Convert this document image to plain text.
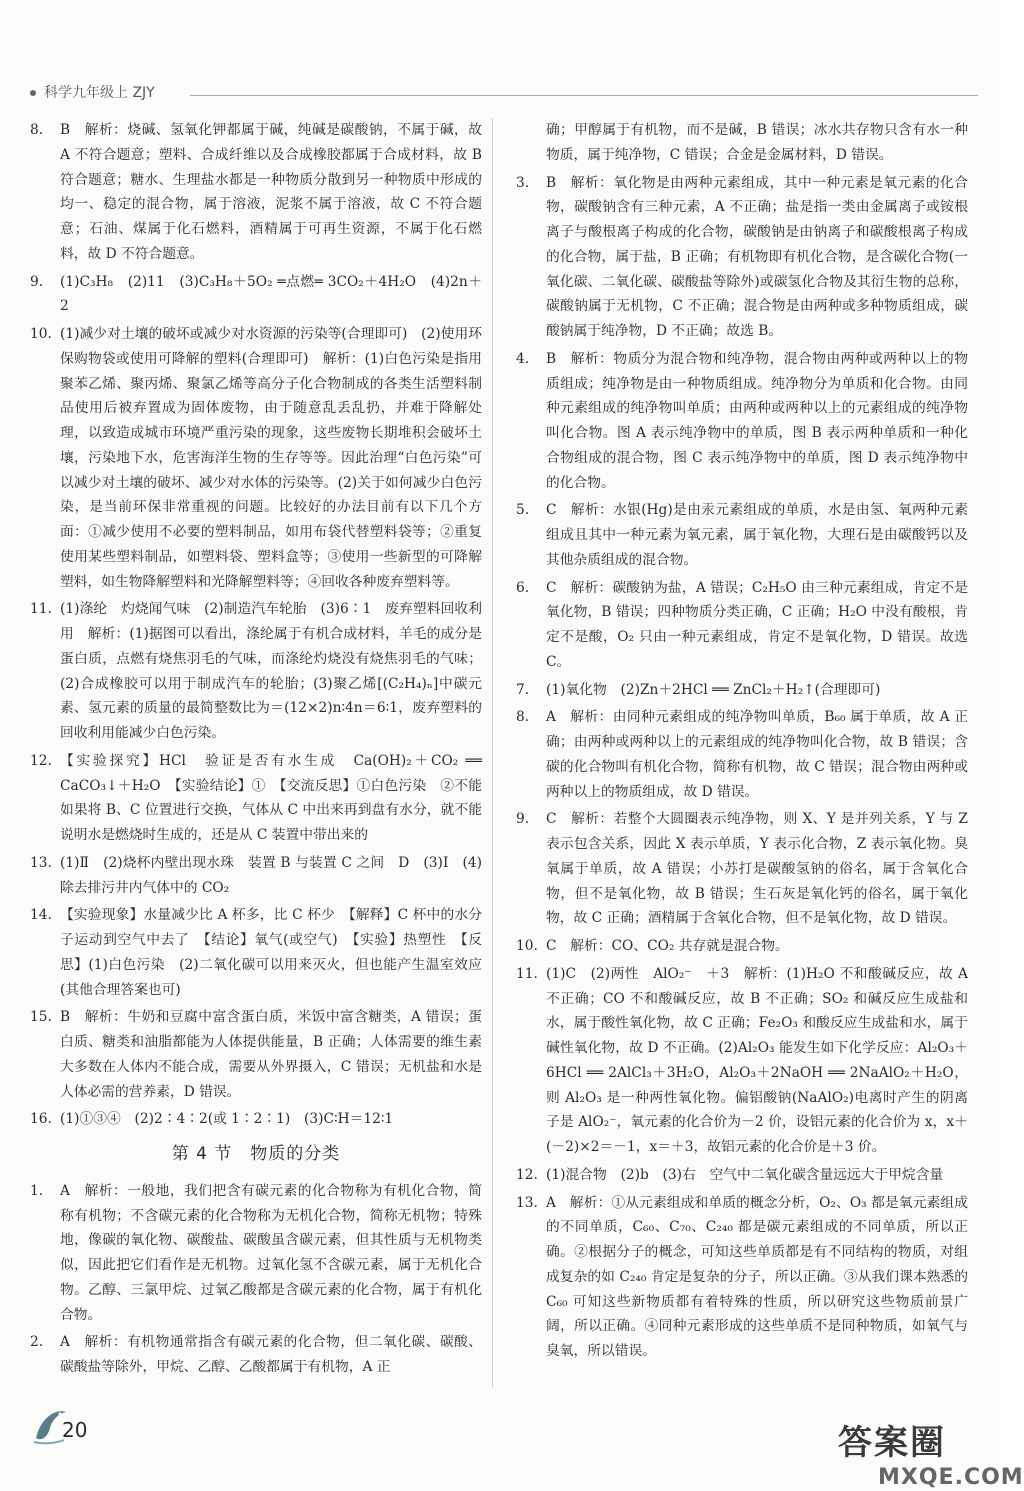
科学九年级上 ZJY
8.	B　解析：烧碱、氢氧化钾都属于碱，纯碱是碳酸钠，不属于碱，故 A 不符合题意；塑料、合成纤维以及合成橡胶都属于合成材料，故 B 符合题意；糖水、生理盐水都是一种物质分散到另一种物质中形成的均一、稳定的混合物，属于溶液，泥浆不属于溶液，故 C 不符合题意；石油、煤属于化石燃料，酒精属于可再生资源，不属于化石燃料，故 D 不符合题意。
9.	(1)C₃H₈　(2)11　(3)C₃H₈＋5O₂ ═点燃═ 3CO₂＋4H₂O　(4)2n＋2
10. (1)减少对土壤的破坏或减少对水资源的污染等(合理即可)　(2)使用环保购物袋或使用可降解的塑料(合理即可)　解析：(1)白色污染是指用聚苯乙烯、聚丙烯、聚氯乙烯等高分子化合物制成的各类生活塑料制品使用后被弃置成为固体废物，由于随意乱丢乱扔，并难于降解处理，以致造成城市环境严重污染的现象，这些废物长期堆积会破坏土壤，污染地下水，危害海洋生物的生存等等。因此治理“白色污染”可以减少对土壤的破坏、减少对水体的污染等。(2)关于如何减少白色污染，是当前环保非常重视的问题。比较好的办法目前有以下几个方面：①减少使用不必要的塑料制品，如用布袋代替塑料袋等；②重复使用某些塑料制品，如塑料袋、塑料盒等；③使用一些新型的可降解塑料，如生物降解塑料和光降解塑料等；④回收各种废弃塑料等。
11. (1)涤纶　灼烧闻气味　(2)制造汽车轮胎　(3)6∶1　废弃塑料回收利用　解析：(1)据图可以看出，涤纶属于有机合成材料，羊毛的成分是蛋白质，点燃有烧焦羽毛的气味，而涤纶灼烧没有烧焦羽毛的气味；(2)合成橡胶可以用于制成汽车的轮胎；(3)聚乙烯[(C₂H₄)ₙ]中碳元素、氢元素的质量的最简整数比为＝(12×2)n∶4n＝6∶1，废弃塑料的回收利用能减少白色污染。
12. 【实验探究】HCl　验证是否有水生成　Ca(OH)₂＋CO₂ ══ CaCO₃↓＋H₂O　【实验结论】①　【交流反思】①白色污染　②不能　如果将 B、C 位置进行交换，气体从 C 中出来再到盘有水分，就不能说明水是燃烧时生成的，还是从 C 装置中带出来的
13. (1)Ⅱ　(2)烧杯内壁出现水珠　装置 B 与装置 C 之间　D　(3)Ⅰ　(4)除去排污井内气体中的 CO₂
14. 【实验现象】水量减少比 A 杯多，比 C 杯少　【解释】C 杯中的水分子运动到空气中去了　【结论】氧气(或空气)　【实验】热塑性　【反思】(1)白色污染　(2)二氧化碳可以用来灭火，但也能产生温室效应(其他合理答案也可)
15. B　解析：牛奶和豆腐中富含蛋白质，米饭中富含糖类，A 错误；蛋白质、糖类和油脂都能为人体提供能量，B 正确；人体需要的维生素大多数在人体内不能合成，需要从外界摄入，C 错误；无机盐和水是人体必需的营养素，D 错误。
16. (1)①③④　(2)2∶4∶2(或 1∶2∶1)　(3)C∶H＝12∶1
第 4 节　物质的分类
1.	A　解析：一般地，我们把含有碳元素的化合物称为有机化合物，简称有机物；不含碳元素的化合物称为无机化合物，简称无机物；特殊地，像碳的氧化物、碳酸盐、碳酸虽含碳元素，但其性质与无机物类似，因此把它们看作是无机物。过氧化氢不含碳元素，属于无机化合物。乙醇、三氯甲烷、过氧乙酸都是含碳元素的化合物，属于有机化合物。
2.	A　解析：有机物通常指含有碳元素的化合物，但二氧化碳、碳酸、碳酸盐等除外，甲烷、乙醇、乙酸都属于有机物，A 正
确；甲醇属于有机物，而不是碱，B 错误；冰水共存物只含有水一种物质，属于纯净物，C 错误；合金是金属材料，D 错误。
3.	B　解析：氧化物是由两种元素组成，其中一种元素是氧元素的化合物，碳酸钠含有三种元素，A 不正确；盐是指一类由金属离子或铵根离子与酸根离子构成的化合物，碳酸钠是由钠离子和碳酸根离子构成的化合物，属于盐，B 正确；有机物即有机化合物，是含碳化合物(一氧化碳、二氧化碳、碳酸盐等除外)或碳氢化合物及其衍生物的总称，碳酸钠属于无机物，C 不正确；混合物是由两种或多种物质组成，碳酸钠属于纯净物，D 不正确；故选 B。
4.	B　解析：物质分为混合物和纯净物，混合物由两种或两种以上的物质组成；纯净物是由一种物质组成。纯净物分为单质和化合物。由同种元素组成的纯净物叫单质；由两种或两种以上的元素组成的纯净物叫化合物。图 A 表示纯净物中的单质，图 B 表示两种单质和一种化合物组成的混合物，图 C 表示纯净物中的单质，图 D 表示纯净物中的化合物。
5.	C　解析：水银(Hg)是由汞元素组成的单质，水是由氢、氧两种元素组成且其中一种元素为氧元素，属于氧化物，大理石是由碳酸钙以及其他杂质组成的混合物。
6.	C　解析：碳酸钠为盐，A 错误；C₂H₅O 由三种元素组成，肯定不是氧化物，B 错误；四种物质分类正确，C 正确；H₂O 中没有酸根，肯定不是酸，O₂ 只由一种元素组成，肯定不是氧化物，D 错误。故选 C。
7.	(1)氧化物　(2)Zn＋2HCl ══ ZnCl₂＋H₂↑(合理即可)
8.	A　解析：由同种元素组成的纯净物叫单质，B₆₀ 属于单质，故 A 正确；由两种或两种以上的元素组成的纯净物叫化合物，故 B 错误；含碳的化合物叫有机化合物，简称有机物，故 C 错误；混合物由两种或两种以上的物质组成，故 D 错误。
9.	C　解析：若整个大圆圈表示纯净物，则 X、Y 是并列关系，Y 与 Z 表示包含关系，因此 X 表示单质，Y 表示化合物，Z 表示氧化物。臭氧属于单质，故 A 错误；小苏打是碳酸氢钠的俗名，属于含氧化合物，但不是氧化物，故 B 错误；生石灰是氧化钙的俗名，属于氧化物，故 C 正确；酒精属于含氧化合物，但不是氧化物，故 D 错误。
10. C　解析：CO、CO₂ 共存就是混合物。
11. (1)C　(2)两性　AlO₂⁻　＋3　解析：(1)H₂O 不和酸碱反应，故 A 不正确；CO 不和酸碱反应，故 B 不正确；SO₂ 和碱反应生成盐和水，属于酸性氧化物，故 C 正确；Fe₂O₃ 和酸反应生成盐和水，属于碱性氧化物，故 D 不正确。(2)Al₂O₃ 能发生如下化学反应：Al₂O₃＋6HCl ══ 2AlCl₃＋3H₂O，Al₂O₃＋2NaOH ══ 2NaAlO₂＋H₂O，则 Al₂O₃ 是一种两性氧化物。偏铝酸钠(NaAlO₂)电离时产生的阴离子是 AlO₂⁻，氧元素的化合价为－2 价，设铝元素的化合价为 x，x＋(－2)×2＝－1，x＝＋3，故铝元素的化合价是＋3 价。
12. (1)混合物　(2)b　(3)右　空气中二氧化碳含量远远大于甲烷含量
13. A　解析：①从元素组成和单质的概念分析，O₂、O₃ 都是氧元素组成的不同单质，C₆₀、C₇₀、C₂₄₀ 都是碳元素组成的不同单质，所以正确。②根据分子的概念，可知这些单质都是有不同结构的物质，对组成复杂的如 C₂₄₀ 肯定是复杂的分子，所以正确。③从我们课本熟悉的 C₆₀ 可知这些新物质都有着特殊的性质，所以研究这些物质前景广阔，所以正确。④同种元素形成的这些单质不是同种物质，如氧气与臭氧，所以错误。
20	答案圈
MXQE.COM
